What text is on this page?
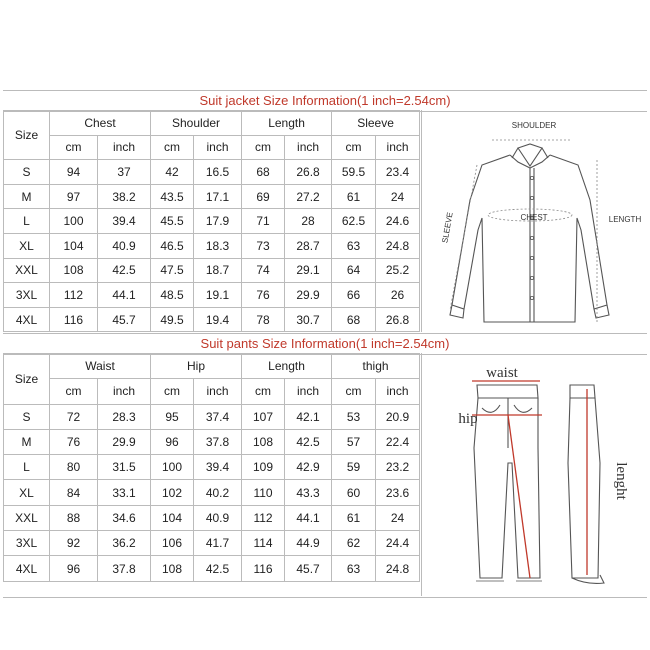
Suit jacket Size Information(1 inch=2.54cm)
Size	Chest		Shoulder		Length		Sleeve	
	cm	inch	cm	inch	cm	inch	cm	inch
S	94	37	42	16.5	68	26.8	59.5	23.4
M	97	38.2	43.5	17.1	69	27.2	61	24
L	100	39.4	45.5	17.9	71	28	62.5	24.6
XL	104	40.9	46.5	18.3	73	28.7	63	24.8
XXL	108	42.5	47.5	18.7	74	29.1	64	25.2
3XL	112	44.1	48.5	19.1	76	29.9	66	26
4XL	116	45.7	49.5	19.4	78	30.7	68	26.8
SHOULDER
CHEST	LENGTH
SLEEVE
Suit pants Size Information(1 inch=2.54cm)
Size	Waist		Hip		Length		thigh	
	cm	inch	cm	inch	cm	inch	cm	inch
S	72	28.3	95	37.4	107	42.1	53	20.9
M	76	29.9	96	37.8	108	42.5	57	22.4
L	80	31.5	100	39.4	109	42.9	59	23.2
XL	84	33.1	102	40.2	110	43.3	60	23.6
XXL	88	34.6	104	40.9	112	44.1	61	24
3XL	92	36.2	106	41.7	114	44.9	62	24.4
4XL	96	37.8	108	42.5	116	45.7	63	24.8
waist
hip
lenght
